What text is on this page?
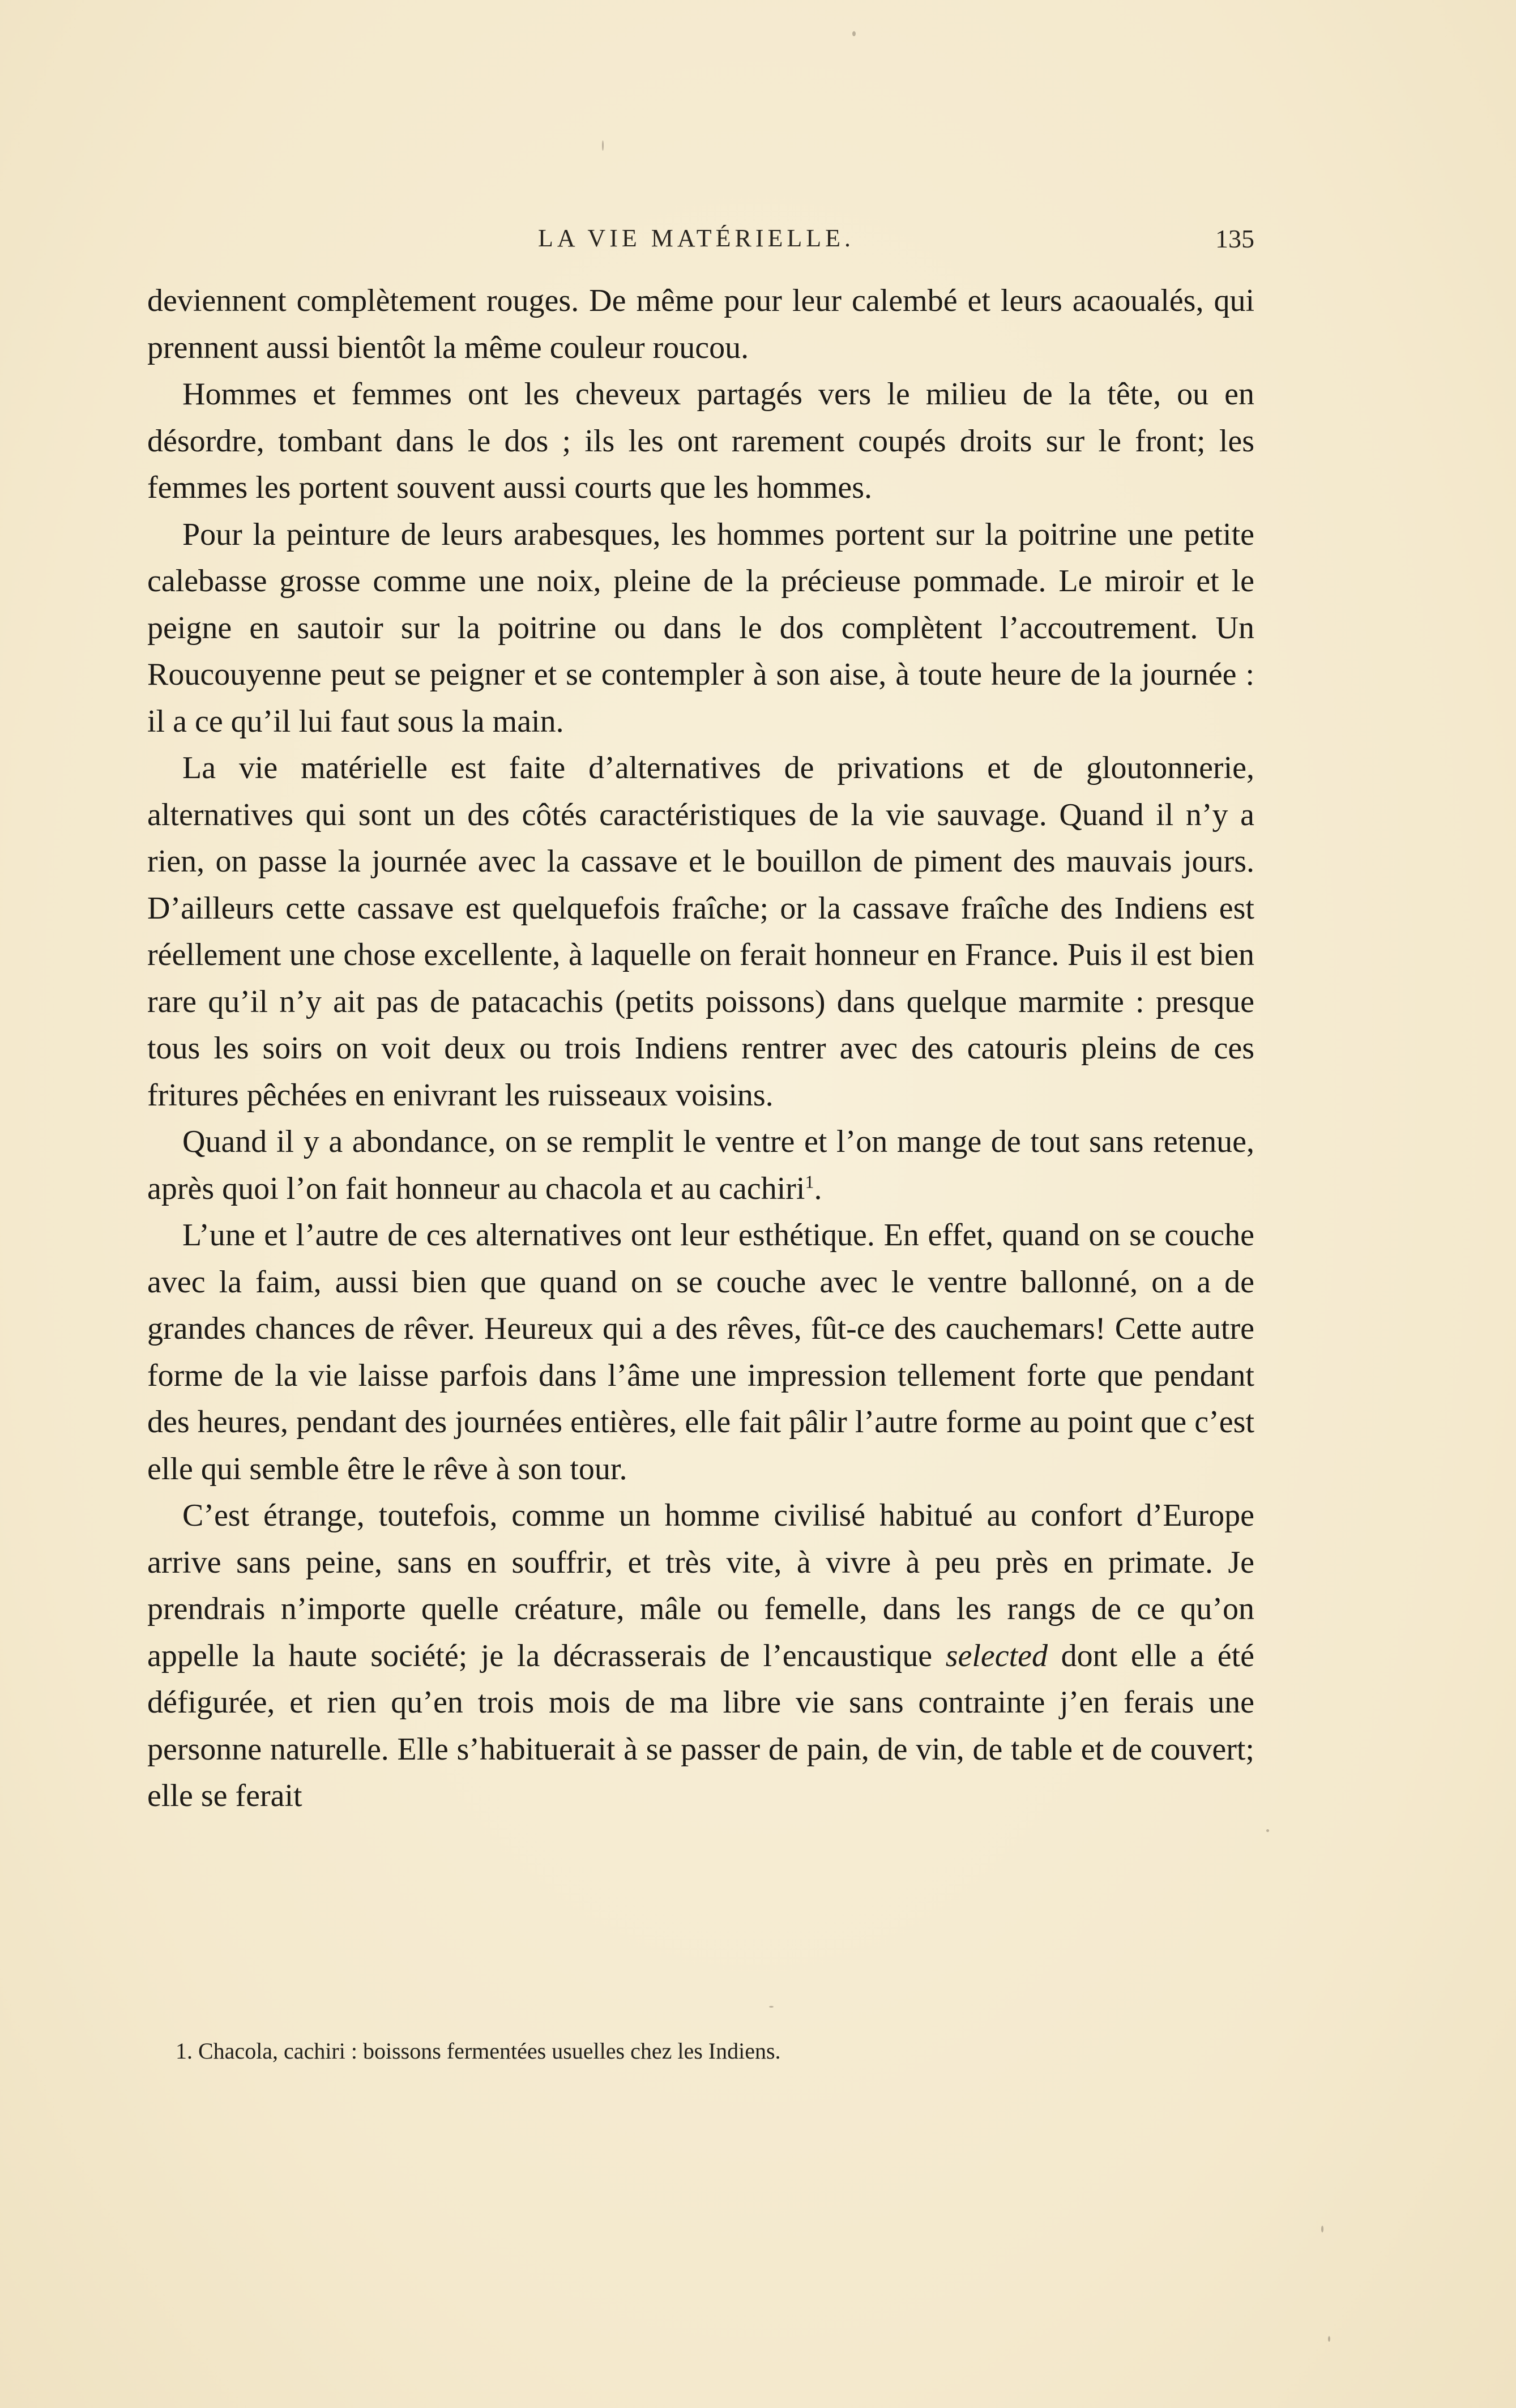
LA VIE MATÉRIELLE.	135

deviennent complètement rouges. De même pour leur calembé et leurs acaoualés, qui prennent aussi bientôt la même couleur roucou.

Hommes et femmes ont les cheveux partagés vers le milieu de la tête, ou en désordre, tombant dans le dos ; ils les ont rarement coupés droits sur le front; les femmes les portent souvent aussi courts que les hommes.

Pour la peinture de leurs arabesques, les hommes portent sur la poitrine une petite calebasse grosse comme une noix, pleine de la précieuse pommade. Le miroir et le peigne en sautoir sur la poitrine ou dans le dos complètent l’accoutrement. Un Roucouyenne peut se peigner et se contempler à son aise, à toute heure de la journée : il a ce qu’il lui faut sous la main.

La vie matérielle est faite d’alternatives de privations et de gloutonnerie, alternatives qui sont un des côtés caractéristiques de la vie sauvage. Quand il n’y a rien, on passe la journée avec la cassave et le bouillon de piment des mauvais jours. D’ailleurs cette cassave est quelquefois fraîche; or la cassave fraîche des Indiens est réellement une chose excellente, à laquelle on ferait honneur en France. Puis il est bien rare qu’il n’y ait pas de patacachis (petits poissons) dans quelque marmite : presque tous les soirs on voit deux ou trois Indiens rentrer avec des catouris pleins de ces fritures pêchées en enivrant les ruisseaux voisins.

Quand il y a abondance, on se remplit le ventre et l’on mange de tout sans retenue, après quoi l’on fait honneur au chacola et au cachiri$^1$.

L’une et l’autre de ces alternatives ont leur esthétique. En effet, quand on se couche avec la faim, aussi bien que quand on se couche avec le ventre ballonné, on a de grandes chances de rêver. Heureux qui a des rêves, fût-ce des cauchemars! Cette autre forme de la vie laisse parfois dans l’âme une impression tellement forte que pendant des heures, pendant des journées entières, elle fait pâlir l’autre forme au point que c’est elle qui semble être le rêve à son tour.

C’est étrange, toutefois, comme un homme civilisé habitué au confort d’Europe arrive sans peine, sans en souffrir, et très vite, à vivre à peu près en primate. Je prendrais n’importe quelle créature, mâle ou femelle, dans les rangs de ce qu’on appelle la haute société; je la décrasserais de l’encaustique selected dont elle a été défigurée, et rien qu’en trois mois de ma libre vie sans contrainte j’en ferais une personne naturelle. Elle s’habituerait à se passer de pain, de vin, de table et de couvert; elle se ferait

1. Chacola, cachiri : boissons fermentées usuelles chez les Indiens.
